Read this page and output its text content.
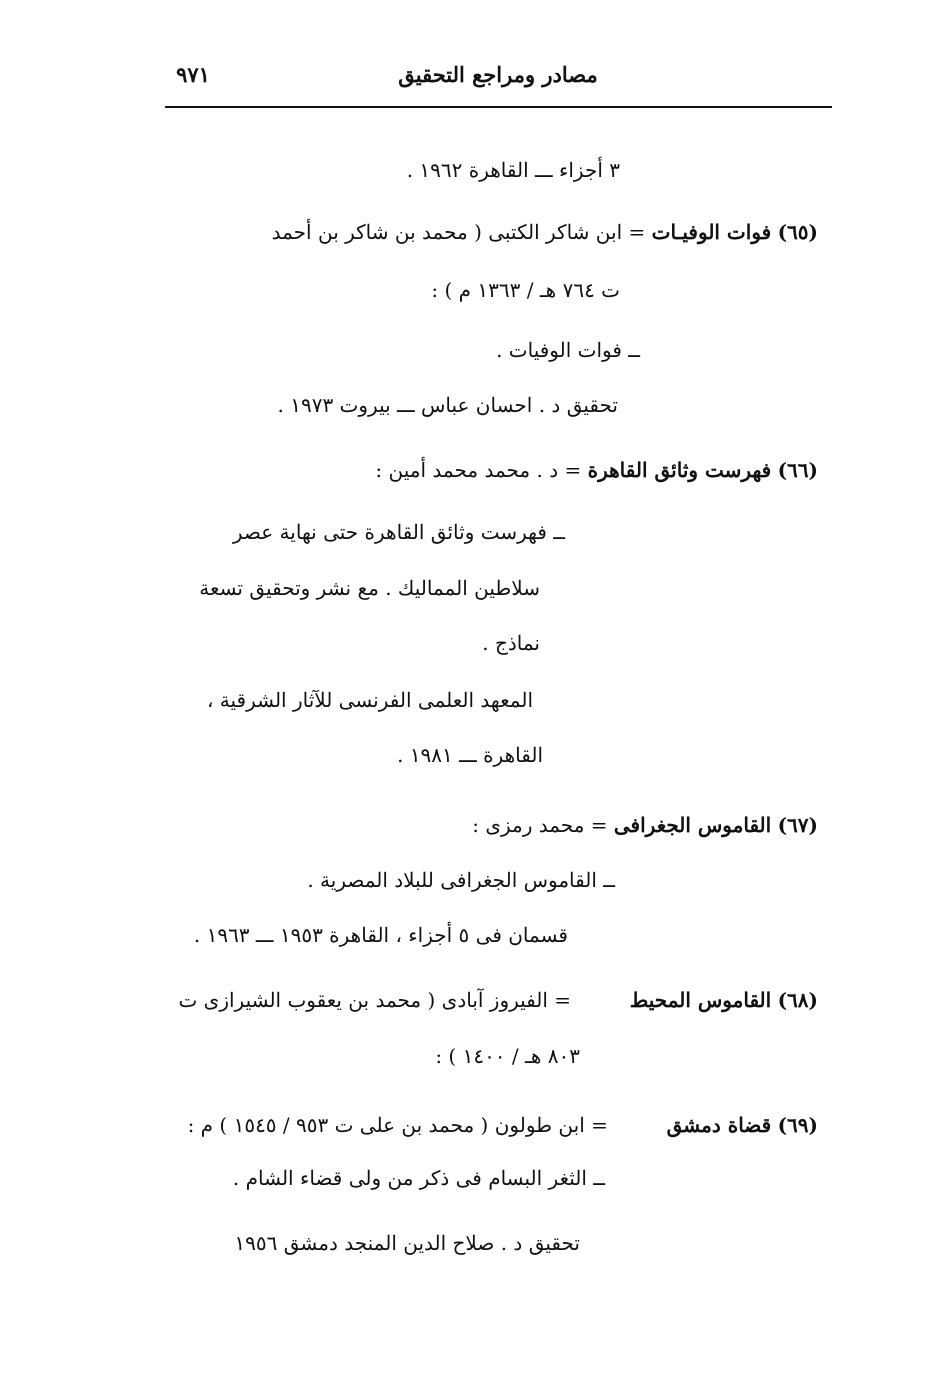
مصادر ومراجع التحقيق
٩٧١
٣ أجزاء ـــ القاهرة ١٩٦٢ .
(٦٥) فوات الوفيـات = ابن شاكر الكتبى ( محمد بن شاكر بن أحمد
ت ٧٦٤ هـ / ١٣٦٣ م ) :
ــ فوات الوفيات .
تحقيق د . احسان عباس ـــ بيروت ١٩٧٣ .
(٦٦) فهرست وثائق القاهرة = د . محمد محمد أمين :
ــ فهرست وثائق القاهرة حتى نهاية عصر
سلاطين المماليك . مع نشر وتحقيق تسعة
نماذج .
المعهد العلمى الفرنسى للآثار الشرقية ،
القاهرة ـــ ١٩٨١ .
(٦٧) القاموس الجغرافى = محمد رمزى :
ــ القاموس الجغرافى للبلاد المصرية .
قسمان فى ٥ أجزاء ، القاهرة ١٩٥٣ ـــ ١٩٦٣ .
(٦٨) القاموس المحيط  = الفيروز آبادى ( محمد بن يعقوب الشيرازى ت
٨٠٣ هـ / ١٤٠٠ ) :
(٦٩) قضاة دمشق  = ابن طولون ( محمد بن على ت ٩٥٣ / ١٥٤٥ ) م :
ــ الثغر البسام فى ذكر من ولى قضاء الشام .
تحقيق د . صلاح الدين المنجد دمشق ١٩٥٦
